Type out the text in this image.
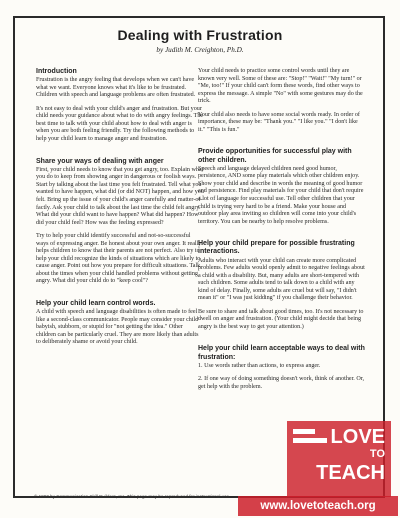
Dealing with Frustration
by Judith M. Creighton, Ph.D.
Introduction
Frustration is the angry feeling that develops when we can't have what we want. Everyone knows what it's like to be frustrated. Children with speech and language problems are often frustrated.
It's not easy to deal with your child's anger and frustration. But your child needs your guidance about what to do with angry feelings. The best time to talk with your child about how to deal with anger is when you are both feeling friendly. Try the following methods to help your child learn to manage anger and frustration.
Share your ways of dealing with anger
First, your child needs to know that you get angry, too. Explain what you do to keep from showing anger in dangerous or foolish ways. Start by talking about the last time you felt frustrated. Tell what you wanted to have happen, what did (or did NOT) happen, and how you felt. Bring up the issue of your child's anger carefully and matter-of-factly. Ask your child to talk about the last time the child felt angry. What did your child want to have happen? What did happen? How did your child feel? How was the feeling expressed?
Try to help your child identify successful and not-so-successful ways of expressing anger. Be honest about your own anger. It really helps children to know that their parents are not perfect. Also try to help your child recognize the kinds of situations which are likely to cause anger. Point out how you prepare for difficult situations. Talk about the times when your child handled problems without getting angry. What did your child do to "keep cool"?
Help your child learn control words.
A child with speech and language disabilities is often made to feel like a second-class communicator. People may consider your child babyish, stubborn, or stupid for "not getting the idea." Other children can be particularly cruel. They are more likely than adults to deliberately shame or avoid your child.
Your child needs to practice some control words until they are known very well. Some of these are: "Stop!" "Wait!" "My turn!" or "Me, too!" If your child can't form these words, find other ways to express the message. A simple "No" with some gestures may do the trick.
Your child also needs to have some social words ready. In order of importance, these may be: "Thank you." "I like you." "I don't like it." "This is fun."
Provide opportunities for successful play with other children.
Speech and language delayed children need good humor, persistence, AND some play materials which other children enjoy. Show your child and describe in words the meaning of good humor and persistence. Find play materials for your child that don't require a lot of language for successful use. Tell other children that your child is trying very hard to be a friend. Make your house and outdoor play area inviting so children will come into your child's territory. You can be nearby to help resolve problems.
Help your child prepare for possible frustrating interactions.
Adults who interact with your child can create more complicated problems. Few adults would openly admit to negative feelings about a child with a disability. But, many adults are short-tempered with such children. Some adults tend to talk down to a child with any kind of delay. Finally, some adults are cruel but will say, "I didn't mean it" or "I was just kidding" if you challenge their behavior.
Be sure to share and talk about good times, too. It's not necessary to dwell on anger and frustration. (Your child might decide that being angry is the best way to get your attention.)
Help your child learn acceptable ways to deal with frustration:
1. Use words rather than actions, to express anger.
2. If one way of doing something doesn't work, think of another. Or, get help with the problem.
© 1990 by Communication Skill Builders, Inc. This page may be reproduced for instructional use.
LOVE
TO
TEACH
www.lovetoteach.org
